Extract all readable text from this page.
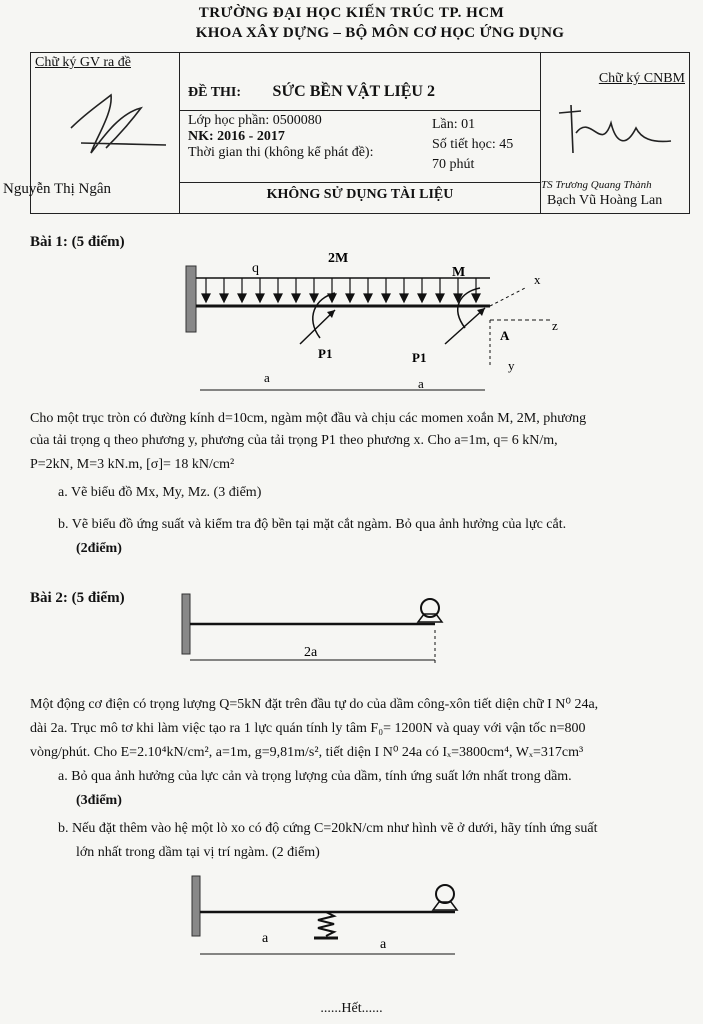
TRƯỜNG ĐẠI HỌC KIẾN TRÚC TP. HCM
KHOA XÂY DỰNG – BỘ MÔN CƠ HỌC ỨNG DỤNG
Chữ ký GV ra đề
Nguyễn Thị Ngân

ĐỀ THI: SỨC BỀN VẬT LIỆU 2
Lớp học phần: 0500080
NK: 2016 - 2017
Thời gian thi (không kể phát đề):
Lần: 01
Số tiết học: 45
70 phút
KHÔNG SỬ DỤNG TÀI LIỆU

Chữ ký CNBM
TS Trương Quang Thành
Bạch Vũ Hoàng Lan
Bài 1: (5 điểm)
q
2M
M
P1	P1
x
z
y
A
a	a
Cho một trục tròn có đường kính d=10cm, ngàm một đầu và chịu các momen xoắn M, 2M, phương
của tải trọng q theo phương y, phương của tải trọng P1 theo phương x. Cho a=1m, q= 6 kN/m,
P=2kN, M=3 kN.m, [σ]= 18 kN/cm²
a. Vẽ biểu đồ Mx, My, Mz. (3 điểm)
b. Vẽ biểu đồ ứng suất và kiểm tra độ bền tại mặt cắt ngàm. Bỏ qua ảnh hưởng của lực cắt.
(2điểm)
Bài 2: (5 điểm)
2a
Một động cơ điện có trọng lượng Q=5kN đặt trên đầu tự do của dầm công-xôn tiết diện chữ I N⁰ 24a,
dài 2a. Trục mô tơ khi làm việc tạo ra 1 lực quán tính ly tâm F₀= 1200N và quay với vận tốc n=800
vòng/phút. Cho E=2.10⁴kN/cm², a=1m, g=9,81m/s², tiết diện I N⁰ 24a có Iₓ=3800cm⁴, Wₓ=317cm³
a. Bỏ qua ảnh hưởng của lực cản và trọng lượng của dầm, tính ứng suất lớn nhất trong dầm.
(3điểm)
b. Nếu đặt thêm vào hệ một lò xo có độ cứng C=20kN/cm như hình vẽ ở dưới, hãy tính ứng suất
lớn nhất trong dầm tại vị trí ngàm. (2 điểm)
a	a
......Hết......
